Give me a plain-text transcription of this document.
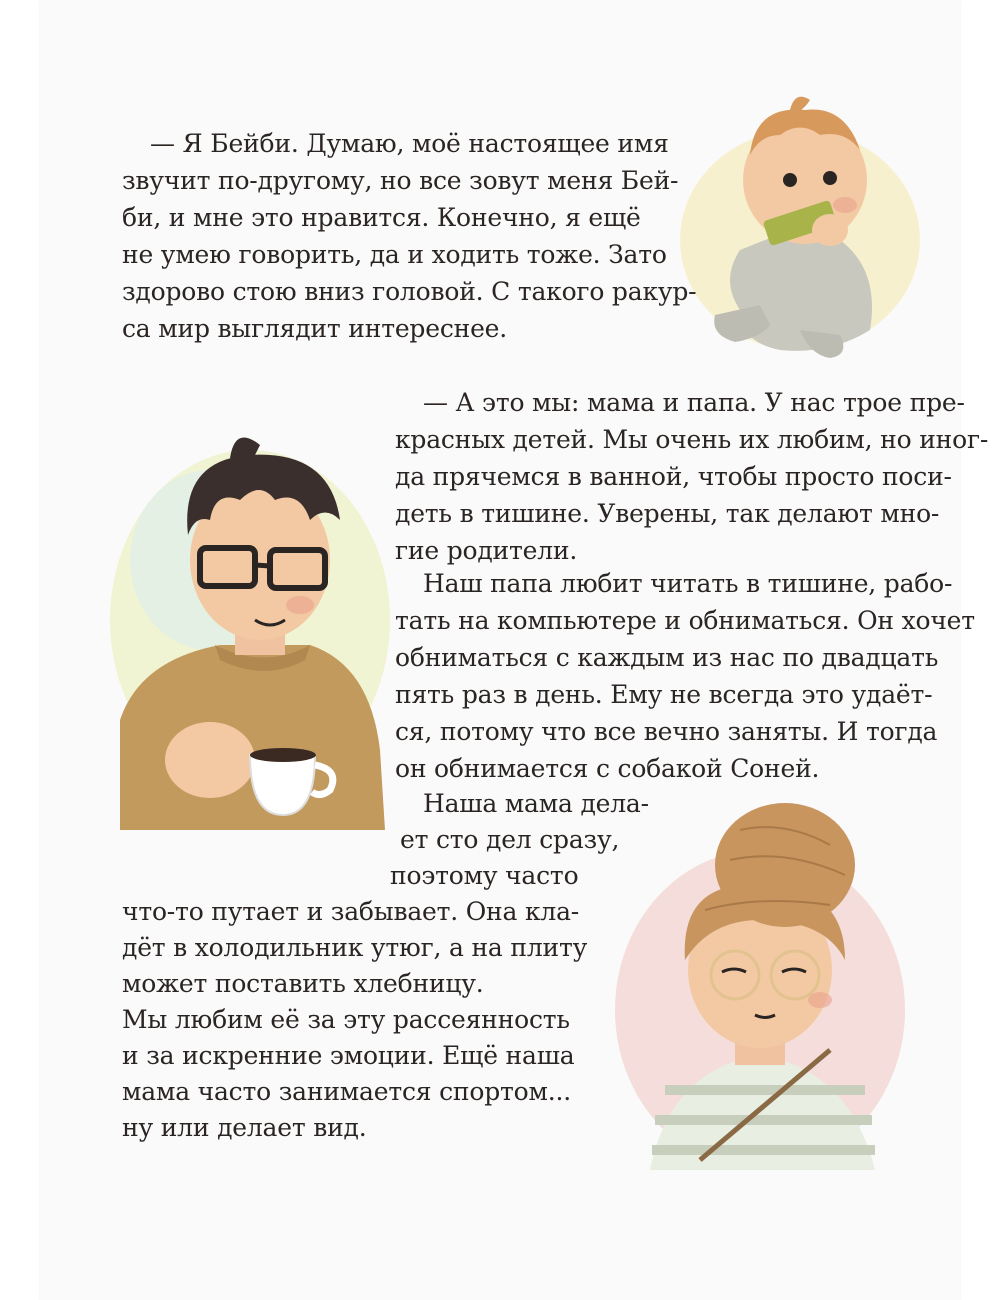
— Я Бейби. Думаю, моё настоящее имя
звучит по-другому, но все зовут меня Бей-
би, и мне это нравится. Конечно, я ещё
не умею говорить, да и ходить тоже. Зато
здорово стою вниз головой. С такого ракур-
са мир выглядит интереснее.
— А это мы: мама и папа. У нас трое пре-
красных детей. Мы очень их любим, но иног-
да прячемся в ванной, чтобы просто поси-
деть в тишине. Уверены, так делают мно-
гие родители.
Наш папа любит читать в тишине, рабо-
тать на компьютере и обниматься. Он хочет
обниматься с каждым из нас по двадцать
пять раз в день. Ему не всегда это удаёт-
ся, потому что все вечно заняты. И тогда
он обнимается с собакой Соней.
Наша мама дела-
ет сто дел сразу,
поэтому часто
что-то путает и забывает. Она кла-
дёт в холодильник утюг, а на плиту
может поставить хлебницу.
Мы любим её за эту рассеянность
и за искренние эмоции. Ещё наша
мама часто занимается спортом...
ну или делает вид.
